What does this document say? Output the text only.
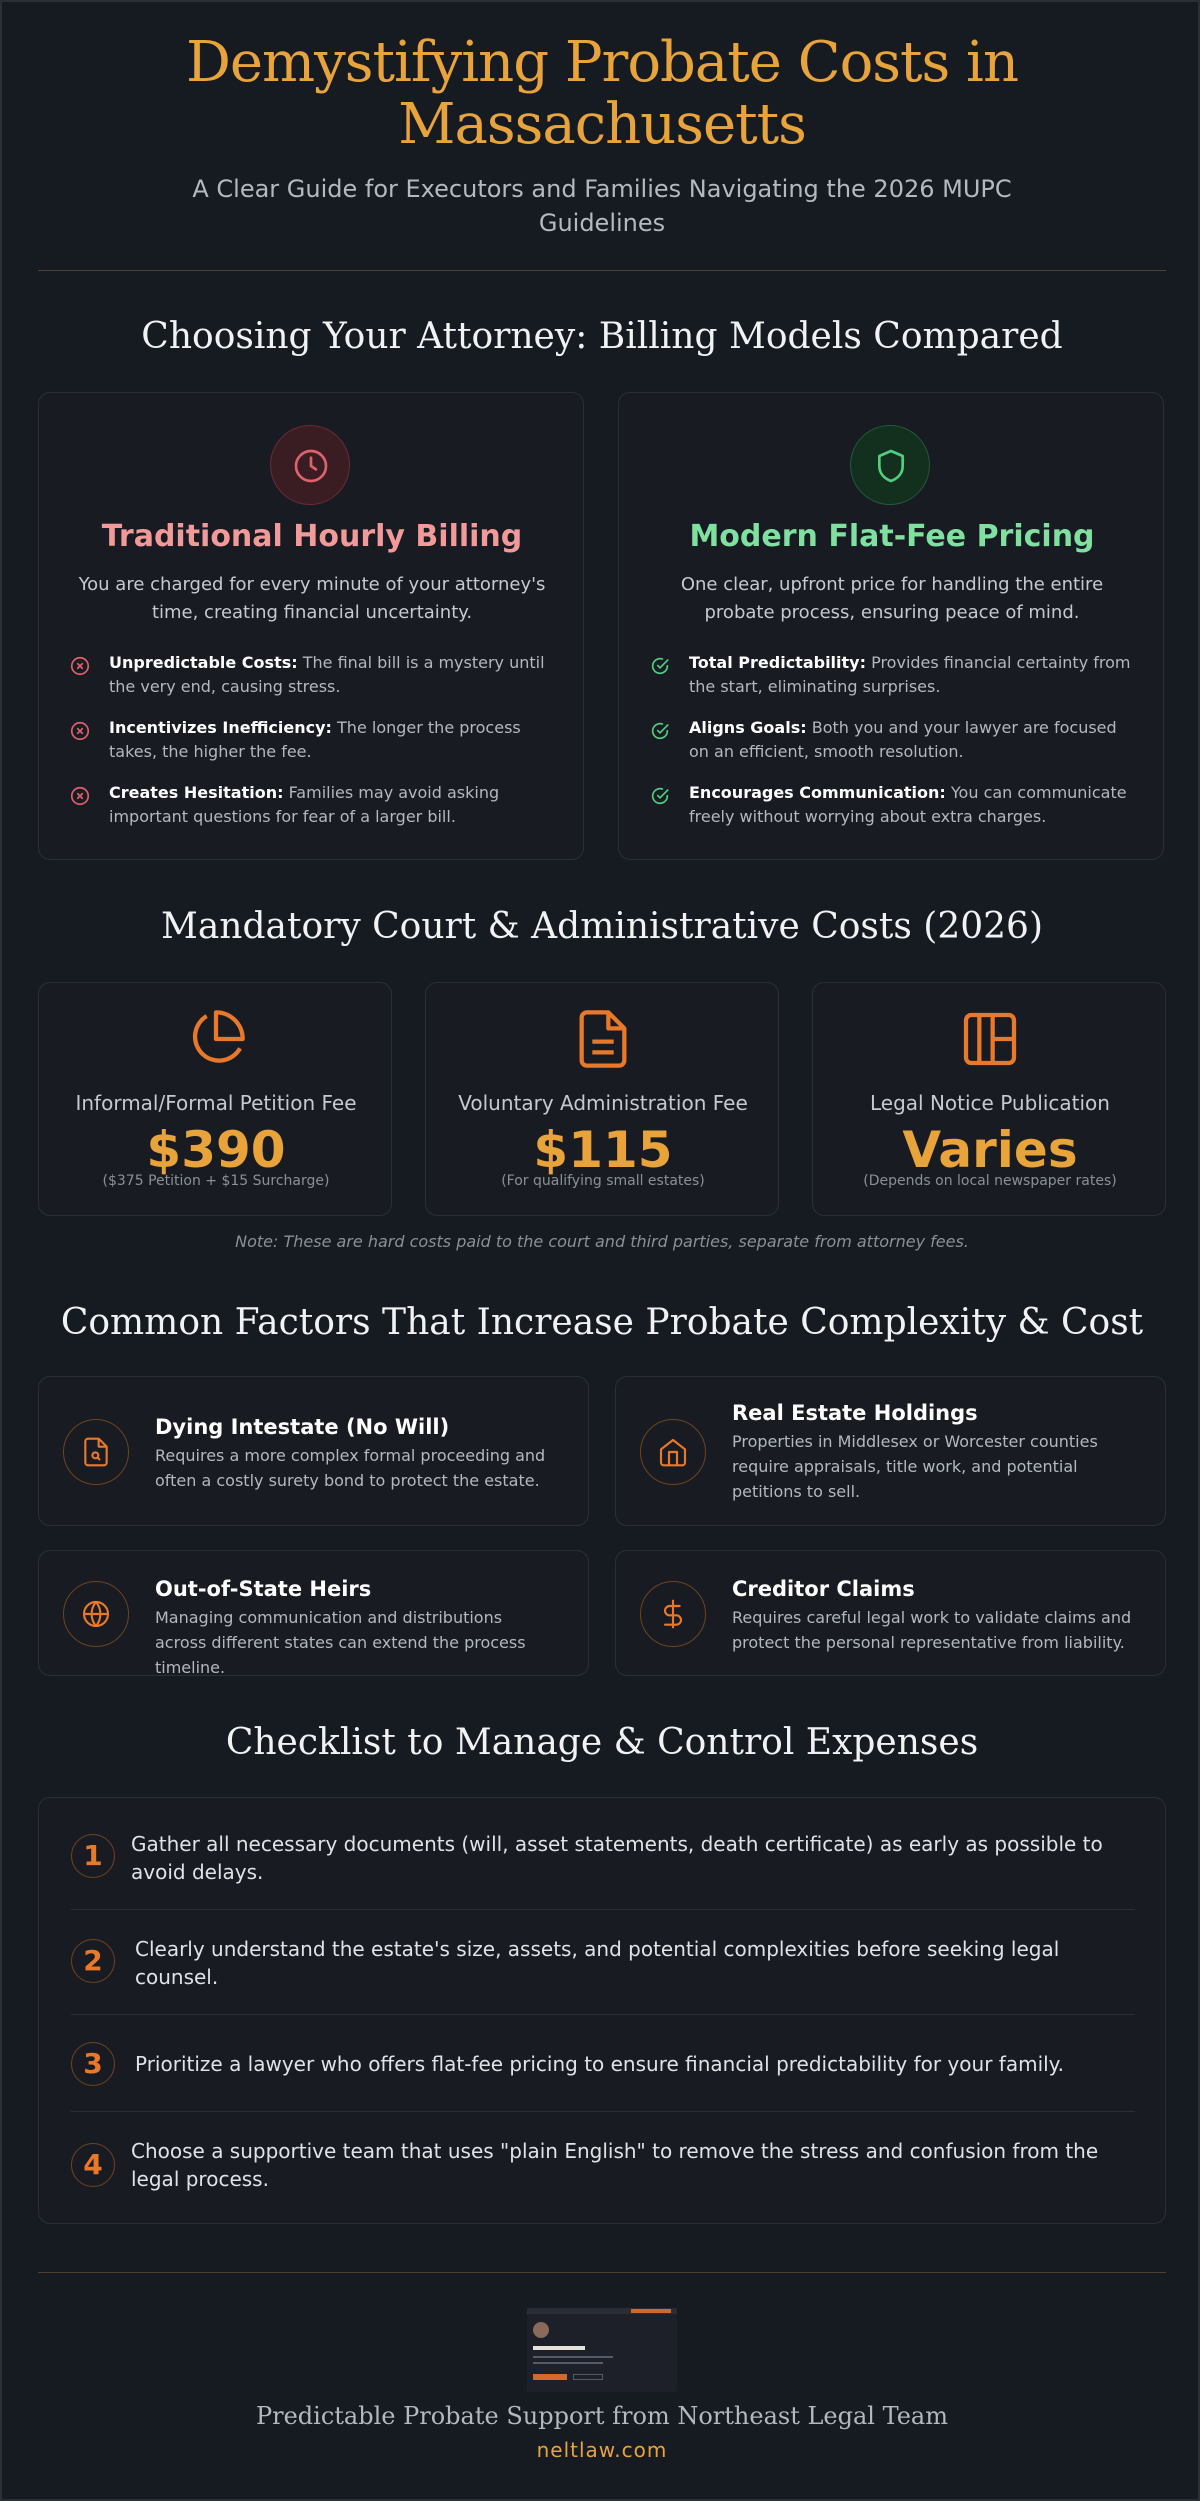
Demystifying Probate Costs in
Massachusetts
A Clear Guide for Executors and Families Navigating the 2026 MUPC Guidelines
Choosing Your Attorney: Billing Models Compared
Traditional Hourly Billing
You are charged for every minute of your attorney's time, creating financial uncertainty.
Unpredictable Costs: The final bill is a mystery until the very end, causing stress.
Incentivizes Inefficiency: The longer the process takes, the higher the fee.
Creates Hesitation: Families may avoid asking important questions for fear of a larger bill.
Modern Flat-Fee Pricing
One clear, upfront price for handling the entire probate process, ensuring peace of mind.
Total Predictability: Provides financial certainty from the start, eliminating surprises.
Aligns Goals: Both you and your lawyer are focused on an efficient, smooth resolution.
Encourages Communication: You can communicate freely without worrying about extra charges.
Mandatory Court & Administrative Costs (2026)
Informal/Formal Petition Fee
$390
($375 Petition + $15 Surcharge)
Voluntary Administration Fee
$115
(For qualifying small estates)
Legal Notice Publication
Varies
(Depends on local newspaper rates)
Note: These are hard costs paid to the court and third parties, separate from attorney fees.
Common Factors That Increase Probate Complexity & Cost
Dying Intestate (No Will)
Requires a more complex formal proceeding and often a costly surety bond to protect the estate.
Real Estate Holdings
Properties in Middlesex or Worcester counties require appraisals, title work, and potential petitions to sell.
Out-of-State Heirs
Managing communication and distributions across different states can extend the process timeline.
Creditor Claims
Requires careful legal work to validate claims and protect the personal representative from liability.
Checklist to Manage & Control Expenses
1	Gather all necessary documents (will, asset statements, death certificate) as early as possible to avoid delays.
2	Clearly understand the estate's size, assets, and potential complexities before seeking legal counsel.
3	Prioritize a lawyer who offers flat-fee pricing to ensure financial predictability for your family.
4	Choose a supportive team that uses "plain English" to remove the stress and confusion from the legal process.
Predictable Probate Support from Northeast Legal Team
neltlaw.com
